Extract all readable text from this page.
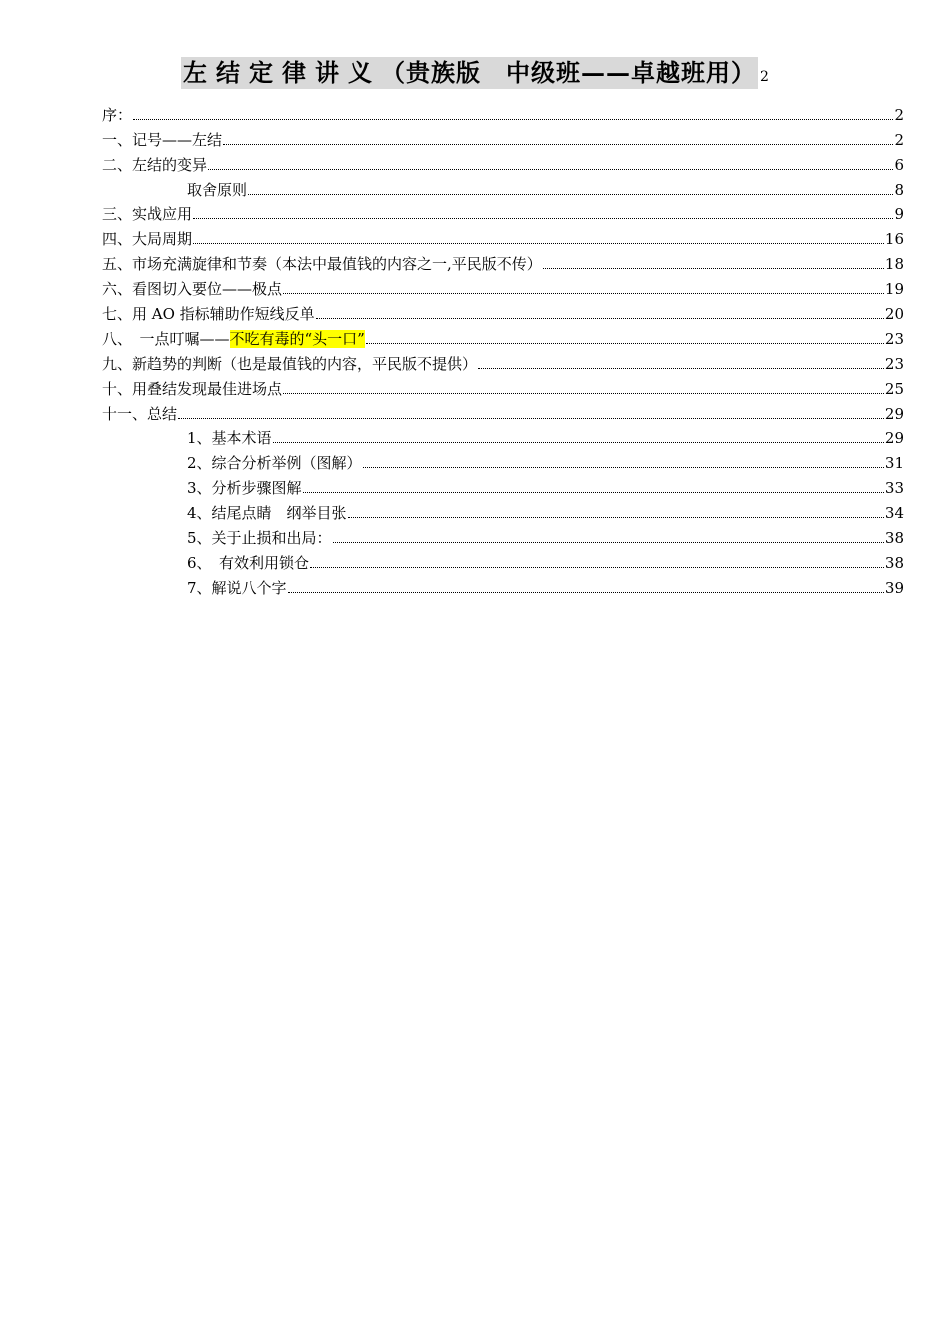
左结定律讲义（贵族版　中级班——卓越班用） 2
序：	2
一、记号——左结	2
二、左结的变异	6
取舍原则	8
三、实战应用	9
四、大局周期	16
五、市场充满旋律和节奏（本法中最值钱的内容之一,平民版不传）	18
六、看图切入要位——极点	19
七、用 AO 指标辅助作短线反单	20
八、　一点叮嘱——不吃有毒的“头一口”	23
九、新趋势的判断（也是最值钱的内容，平民版不提供）	23
十、用叠结发现最佳进场点	25
十一、总结	29
1、基本术语	29
2、综合分析举例（图解）	31
3、分析步骤图解	33
4、结尾点睛　纲举目张	34
5、关于止损和出局：	38
6、　有效利用锁仓	38
7、解说八个字	39
